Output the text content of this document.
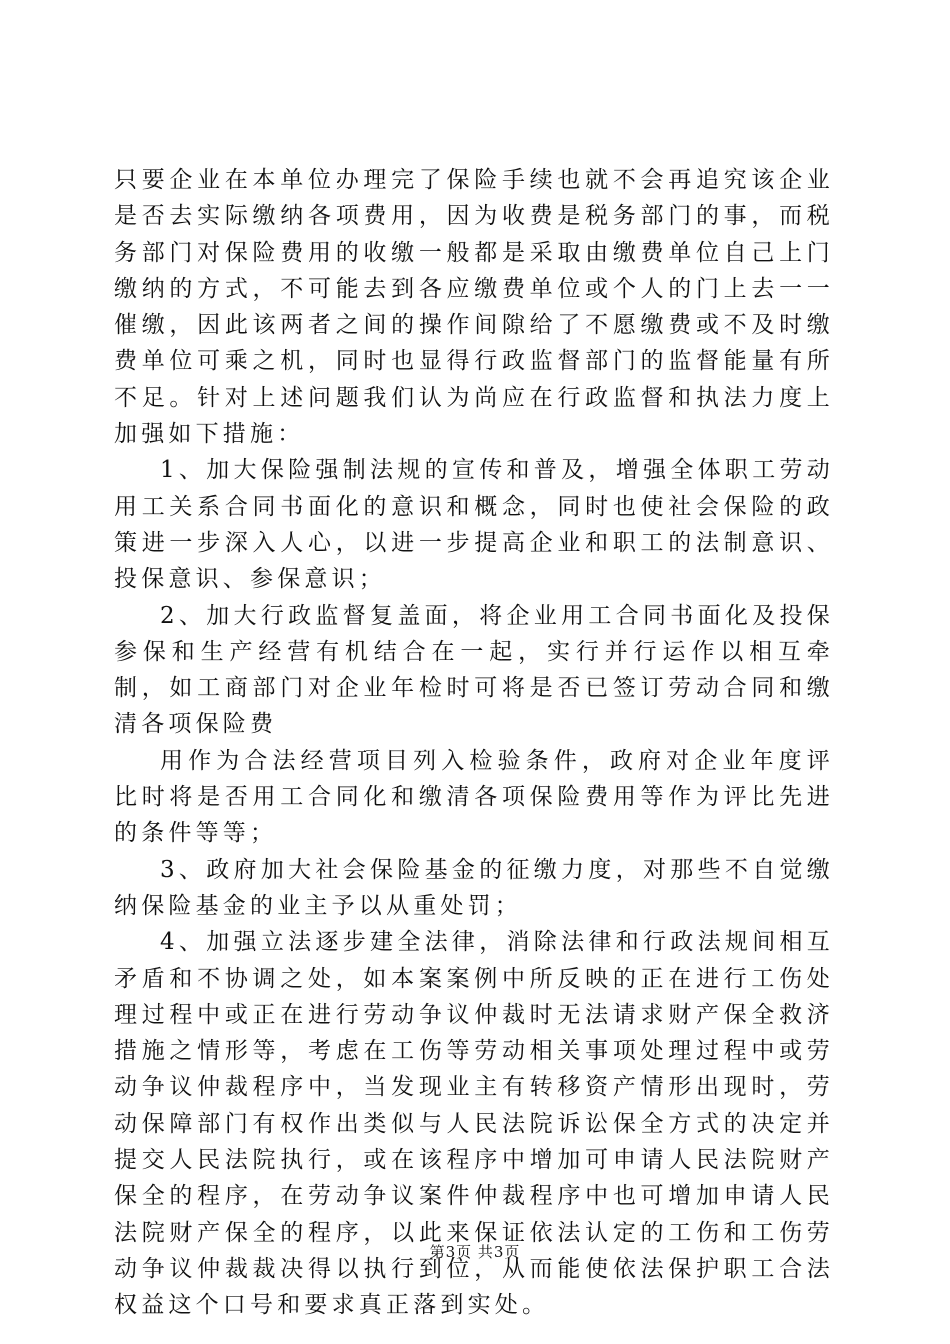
只要企业在本单位办理完了保险手续也就不会再追究该企业是否去实际缴纳各项费用，因为收费是税务部门的事，而税务部门对保险费用的收缴一般都是采取由缴费单位自己上门缴纳的方式，不可能去到各应缴费单位或个人的门上去一一催缴，因此该两者之间的操作间隙给了不愿缴费或不及时缴费单位可乘之机，同时也显得行政监督部门的监督能量有所不足。针对上述问题我们认为尚应在行政监督和执法力度上加强如下措施：

1、加大保险强制法规的宣传和普及，增强全体职工劳动用工关系合同书面化的意识和概念，同时也使社会保险的政策进一步深入人心，以进一步提高企业和职工的法制意识、投保意识、参保意识；

2、加大行政监督复盖面，将企业用工合同书面化及投保参保和生产经营有机结合在一起，实行并行运作以相互牵制，如工商部门对企业年检时可将是否已签订劳动合同和缴清各项保险费

用作为合法经营项目列入检验条件，政府对企业年度评比时将是否用工合同化和缴清各项保险费用等作为评比先进的条件等等；

3、政府加大社会保险基金的征缴力度，对那些不自觉缴纳保险基金的业主予以从重处罚；

4、加强立法逐步建全法律，消除法律和行政法规间相互矛盾和不协调之处，如本案案例中所反映的正在进行工伤处理过程中或正在进行劳动争议仲裁时无法请求财产保全救济措施之情形等，考虑在工伤等劳动相关事项处理过程中或劳动争议仲裁程序中，当发现业主有转移资产情形出现时，劳动保障部门有权作出类似与人民法院诉讼保全方式的决定并提交人民法院执行，或在该程序中增加可申请人民法院财产保全的程序，在劳动争议案件仲裁程序中也可增加申请人民法院财产保全的程序，以此来保证依法认定的工伤和工伤劳动争议仲裁裁决得以执行到位，从而能使依法保护职工合法权益这个口号和要求真正落到实处。

第3页 共3页
